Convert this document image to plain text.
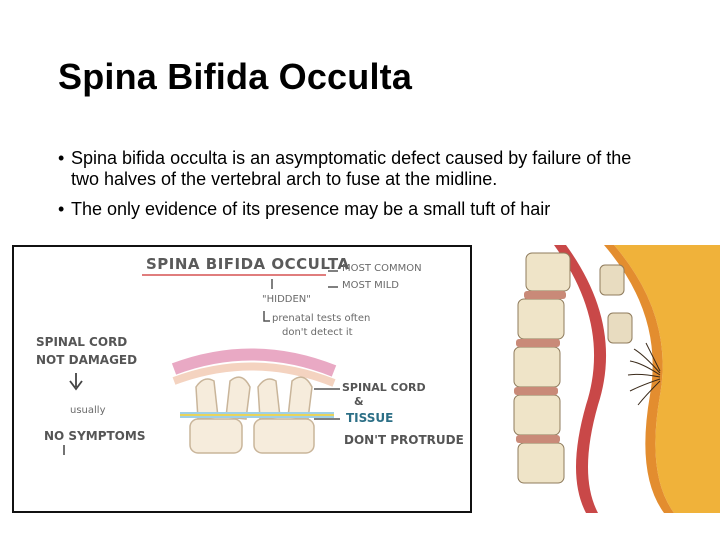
Spina Bifida Occulta
• Spina bifida occulta is an asymptomatic defect caused by failure of the two halves of the vertebral arch to fuse at the midline.
• The only evidence of its presence may be a small tuft of hair
SPINA BIFIDA OCCULTA
MOST COMMON
MOST MILD
"HIDDEN"
prenatal tests often
don't detect it
SPINAL CORD
NOT DAMAGED
usually
NO SYMPTOMS
SPINAL CORD
&
TISSUE
DON'T PROTRUDE
